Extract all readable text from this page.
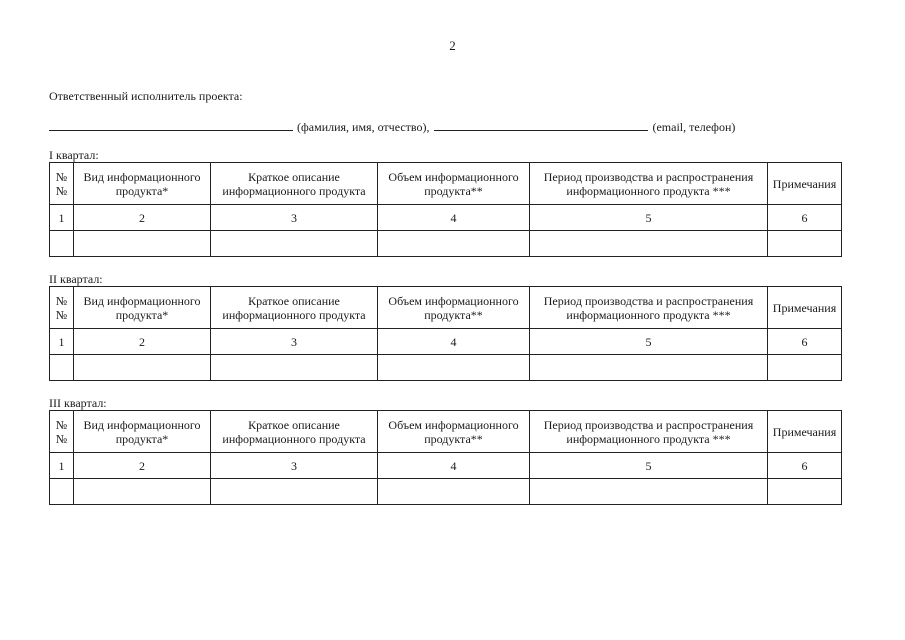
2
Ответственный исполнитель проекта:
(фамилия, имя, отчество),	(email, телефон)
I квартал:
№№	Вид информационного продукта*	Краткое описание информационного продукта	Объем информационного продукта**	Период производства и распространения информационного продукта ***	Примечания
1	2	3	4	5	6

II квартал:
№№	Вид информационного продукта*	Краткое описание информационного продукта	Объем информационного продукта**	Период производства и распространения информационного продукта ***	Примечания
1	2	3	4	5	6

III квартал:
№№	Вид информационного продукта*	Краткое описание информационного продукта	Объем информационного продукта**	Период производства и распространения информационного продукта ***	Примечания
1	2	3	4	5	6
